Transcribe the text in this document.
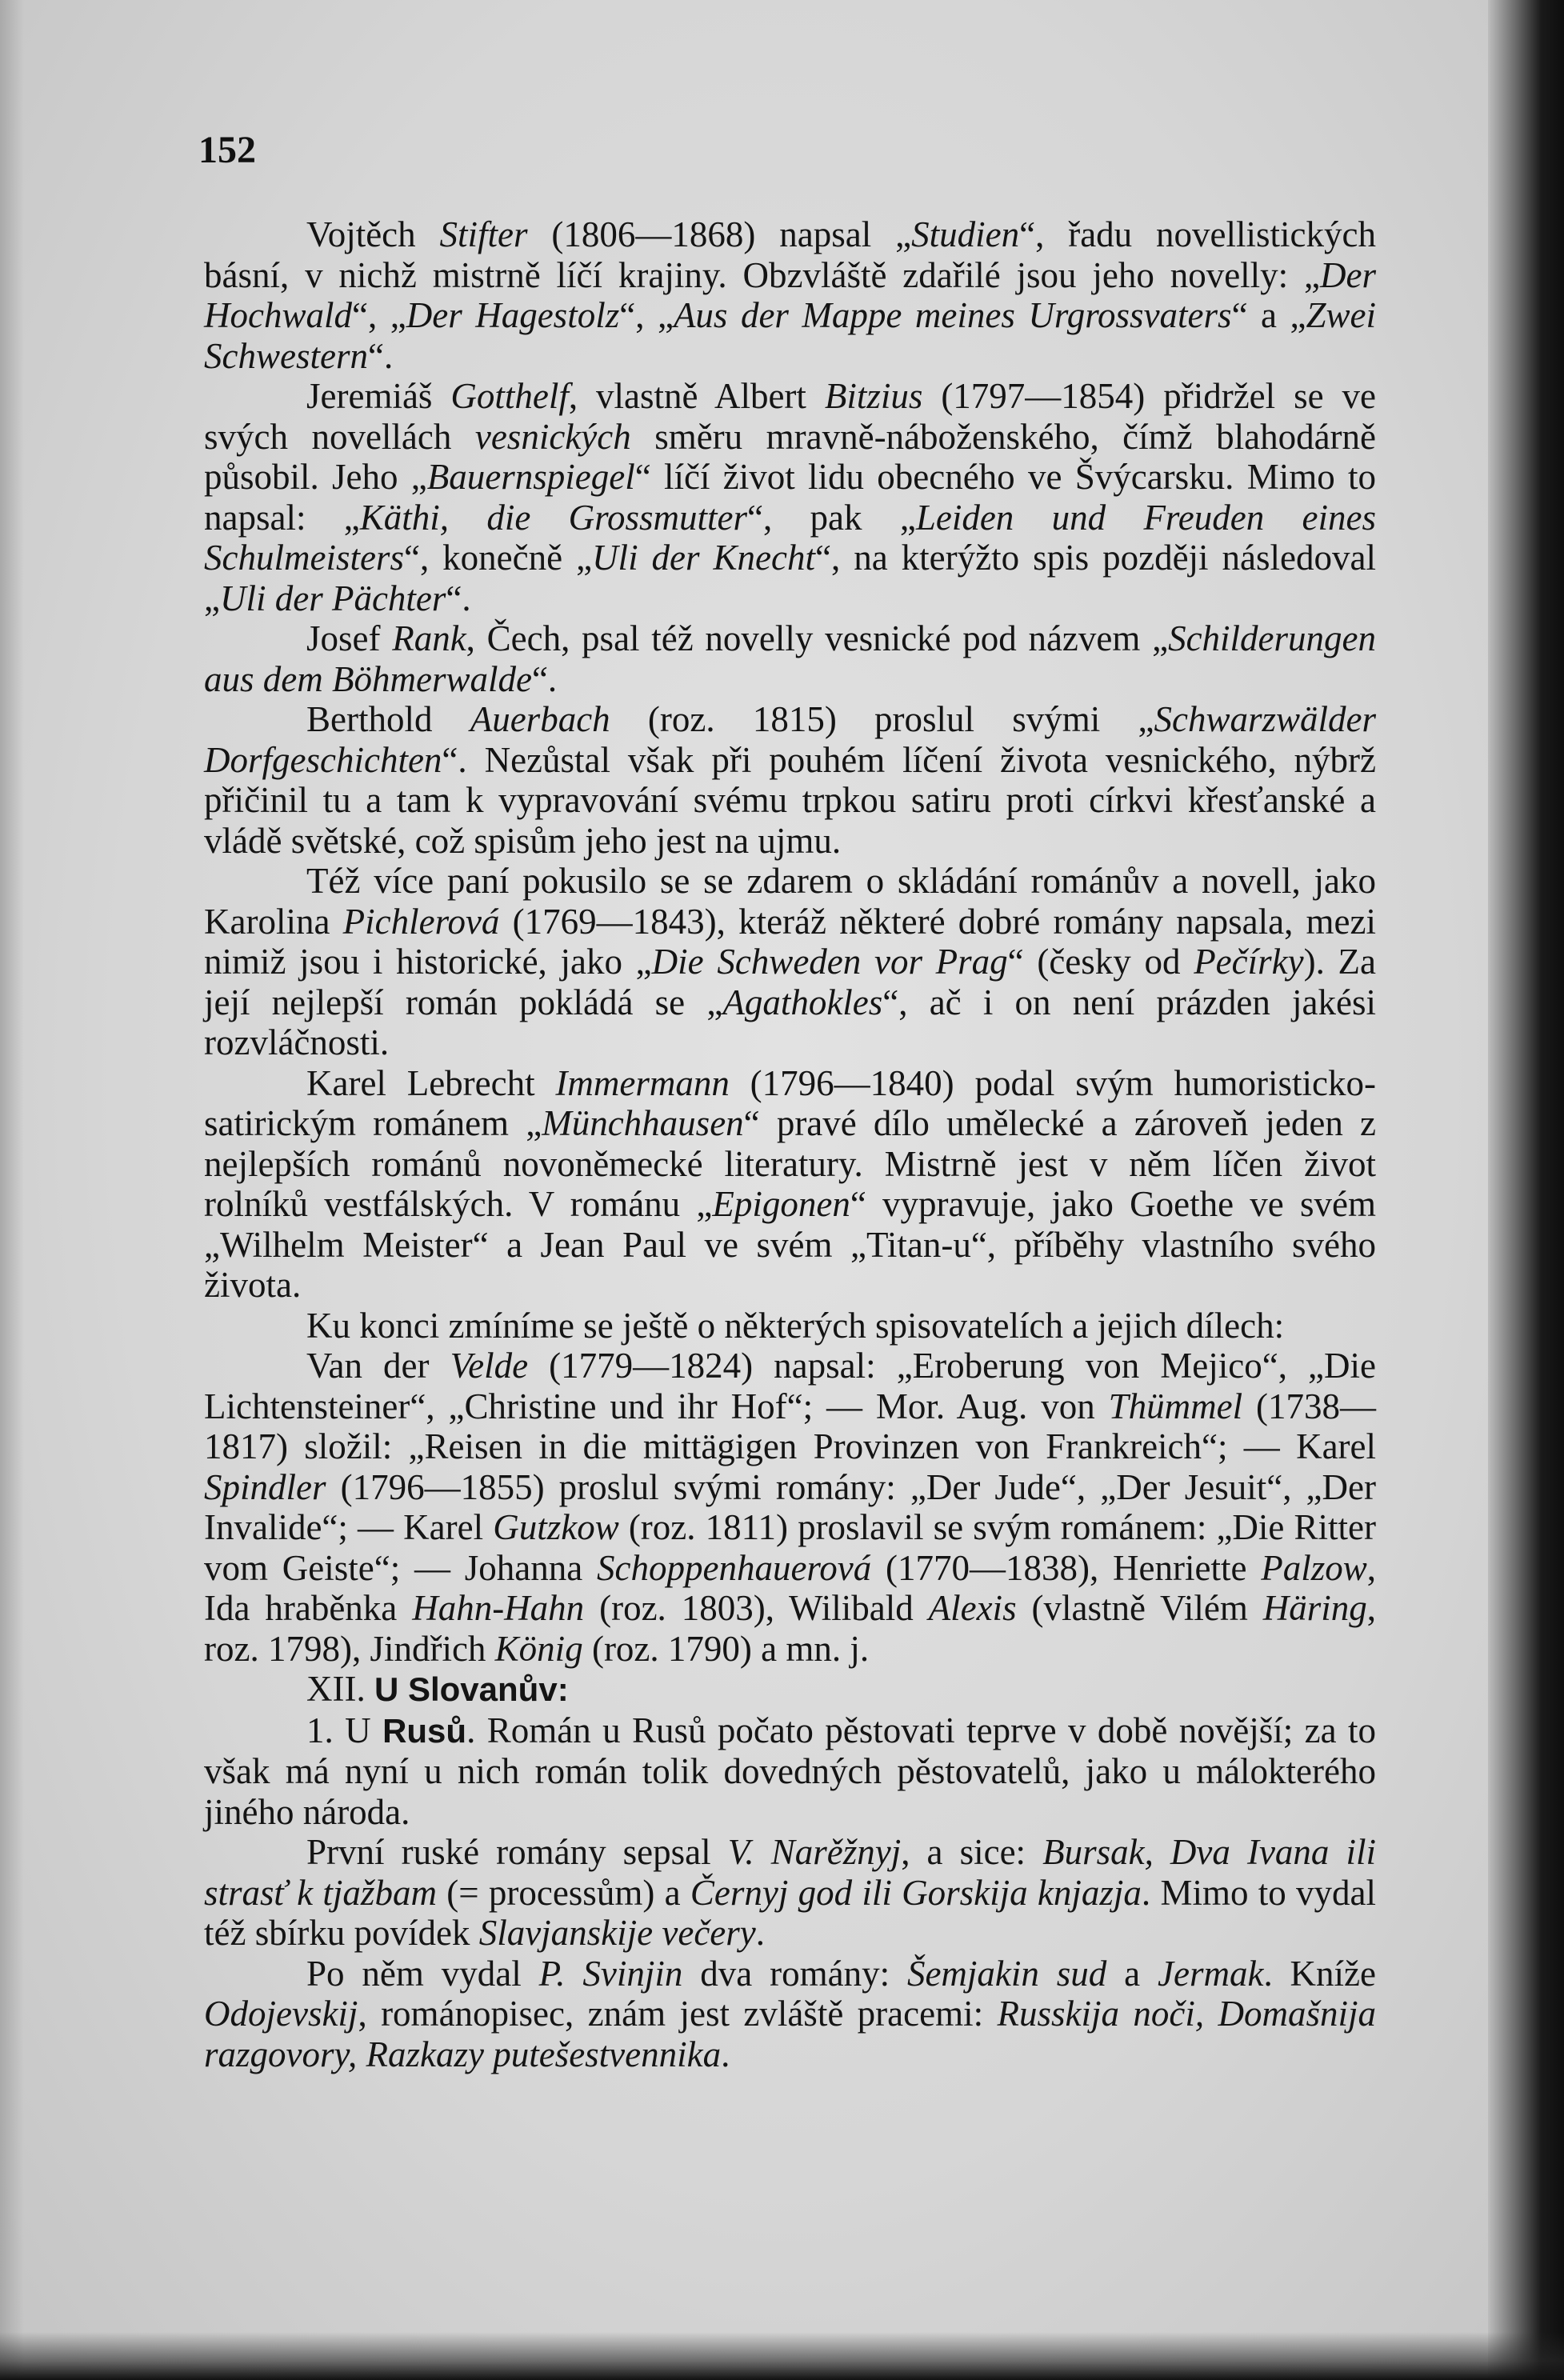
152

Vojtěch Stifter (1806—1868) napsal „Studien“, řadu novellistických básní, v nichž mistrně líčí krajiny. Obzvláště zdařilé jsou jeho novelly: „Der Hochwald“, „Der Hagestolz“, „Aus der Mappe meines Urgrossvaters“ a „Zwei Schwestern“.

Jeremiáš Gotthelf, vlastně Albert Bitzius (1797—1854) přidržel se ve svých novellách vesnických směru mravně-náboženského, čímž blahodárně působil. Jeho „Bauernspiegel“ líčí život lidu obecného ve Švýcarsku. Mimo to napsal: „Käthi, die Grossmutter“, pak „Leiden und Freuden eines Schulmeisters“, konečně „Uli der Knecht“, na kterýžto spis později následoval „Uli der Pächter“.

Josef Rank, Čech, psal též novelly vesnické pod názvem „Schilderungen aus dem Böhmerwalde“.

Berthold Auerbach (roz. 1815) proslul svými „Schwarzwälder Dorfgeschichten“. Nezůstal však při pouhém líčení života vesnického, nýbrž přičinil tu a tam k vypravování svému trpkou satiru proti církvi křesťanské a vládě světské, což spisům jeho jest na ujmu.

Též více paní pokusilo se se zdarem o skládání románův a novell, jako Karolina Pichlerová (1769—1843), kteráž některé dobré romány napsala, mezi nimiž jsou i historické, jako „Die Schweden vor Prag“ (česky od Pečírky). Za její nejlepší román pokládá se „Agathokles“, ač i on není prázden jakési rozvláčnosti.

Karel Lebrecht Immermann (1796—1840) podal svým humoristicko-satirickým románem „Münchhausen“ pravé dílo umělecké a zároveň jeden z nejlepších románů novoněmecké literatury. Mistrně jest v něm líčen život rolníků vestfálských. V románu „Epigonen“ vypravuje, jako Goethe ve svém „Wilhelm Meister“ a Jean Paul ve svém „Titan-u“, příběhy vlastního svého života.

Ku konci zmíníme se ještě o některých spisovatelích a jejich dílech:

Van der Velde (1779—1824) napsal: „Eroberung von Mejico“, „Die Lichtensteiner“, „Christine und ihr Hof“; — Mor. Aug. von Thümmel (1738—1817) složil: „Reisen in die mittägigen Provinzen von Frankreich“; — Karel Spindler (1796—1855) proslul svými romány: „Der Jude“, „Der Jesuit“, „Der Invalide“; — Karel Gutzkow (roz. 1811) proslavil se svým románem: „Die Ritter vom Geiste“; — Johanna Schoppenhauerová (1770—1838), Henriette Palzow, Ida hraběnka Hahn-Hahn (roz. 1803), Wilibald Alexis (vlastně Vilém Häring, roz. 1798), Jindřich König (roz. 1790) a mn. j.

XII. U Slovanův:

1. U Rusů. Román u Rusů počato pěstovati teprve v době novější; za to však má nyní u nich román tolik dovedných pěstovatelů, jako u málokterého jiného národa.

První ruské romány sepsal V. Narěžnyj, a sice: Bursak, Dva Ivana ili strasť k tjažbam (= processům) a Černyj god ili Gorskija knjazja. Mimo to vydal též sbírku povídek Slavjanskije večery.

Po něm vydal P. Svinjin dva romány: Šemjakin sud a Jermak. Kníže Odojevskij, románopisec, znám jest zvláště pracemi: Russkija noči, Domašnija razgovory, Razkazy putešestvennika.
